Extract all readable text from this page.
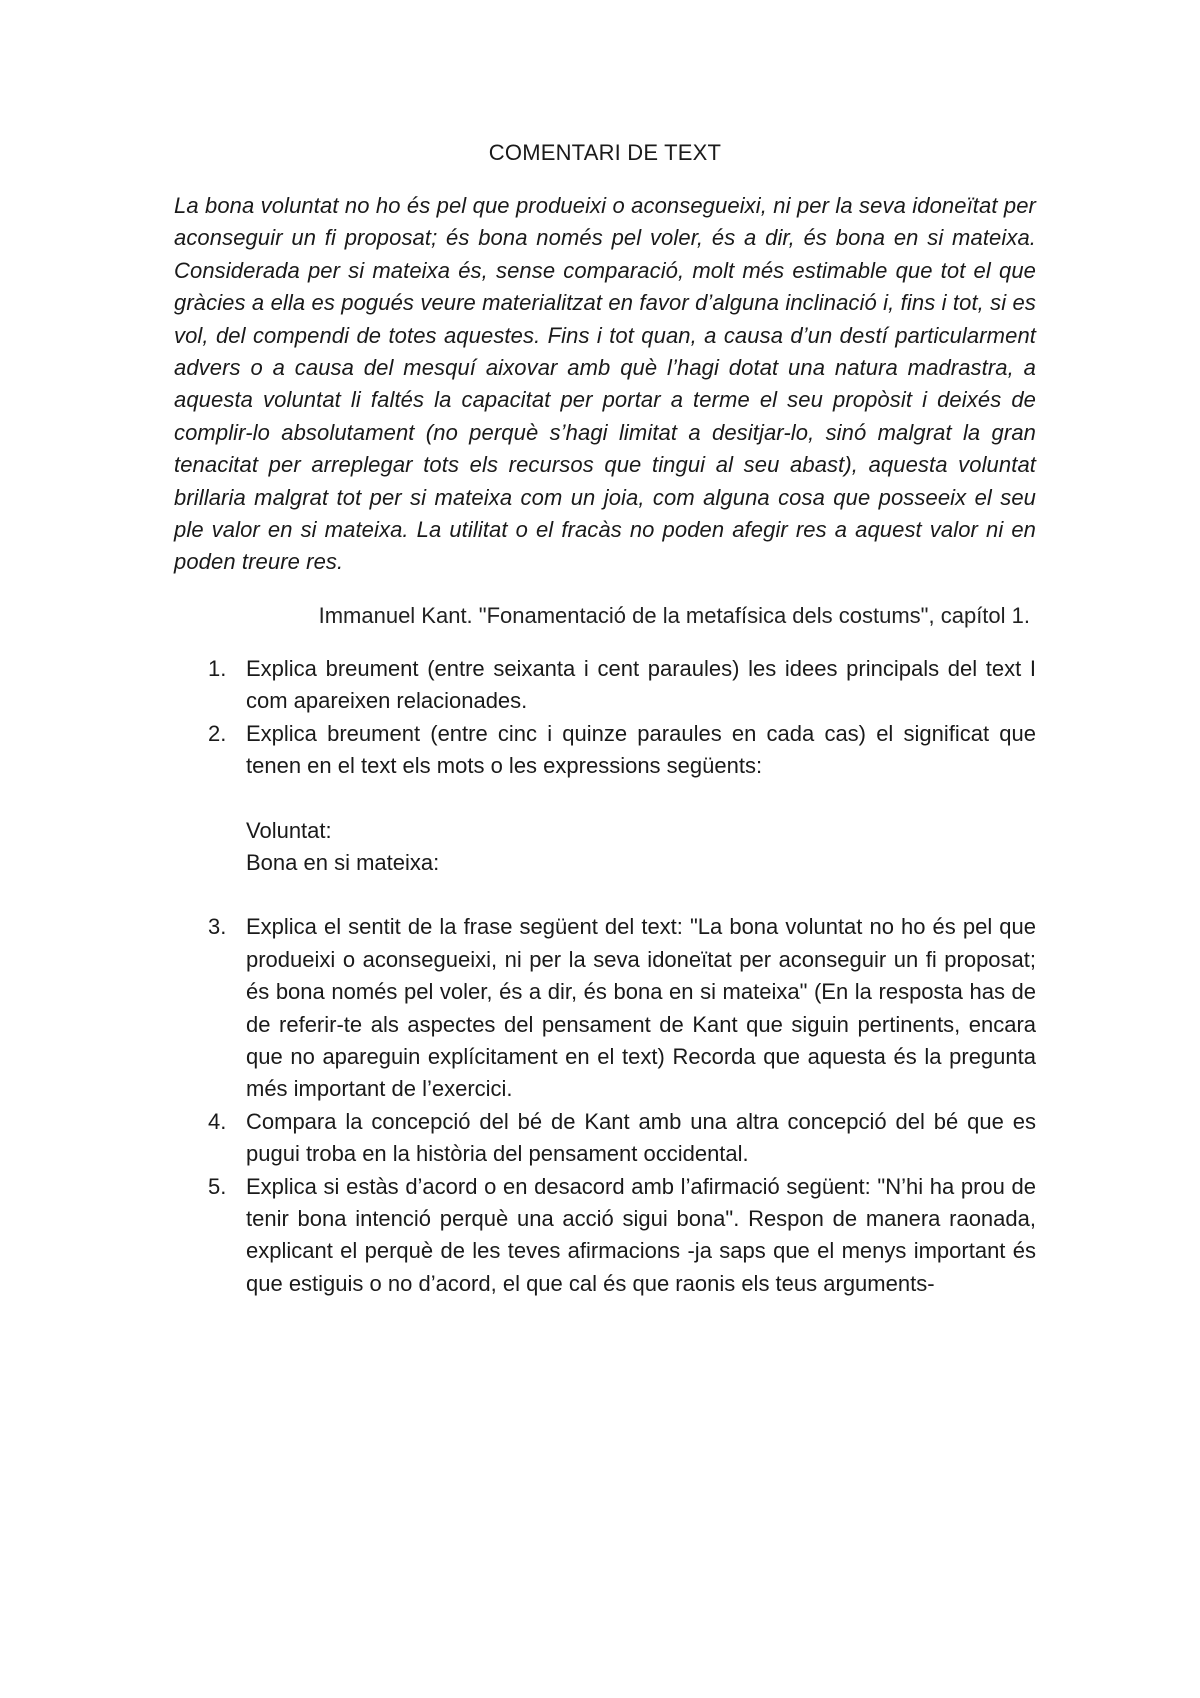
COMENTARI DE TEXT
La bona voluntat no ho és pel que produeixi o aconsegueixi, ni per la seva idoneïtat per aconseguir un fi proposat; és bona només pel voler, és a dir, és bona en si mateixa. Considerada per si mateixa és, sense comparació, molt més estimable que tot el que gràcies a ella es pogués veure materialitzat en favor d’alguna inclinació i, fins i tot, si es vol, del compendi de totes aquestes. Fins i tot quan, a causa d’un destí particularment advers o a causa del mesquí aixovar amb què l’hagi dotat una natura madrastra, a aquesta voluntat li faltés la capacitat per portar a terme el seu propòsit i deixés de complir-lo absolutament (no perquè s’hagi limitat a desitjar-lo, sinó malgrat la gran tenacitat per arreplegar tots els recursos que tingui al seu abast), aquesta voluntat brillaria malgrat tot per si mateixa com un joia, com alguna cosa que posseeix el seu ple valor en si mateixa. La utilitat o el fracàs no poden afegir res a aquest valor ni en poden treure res.
Immanuel Kant. "Fonamentació de la metafísica dels costums", capítol 1.
1. Explica breument (entre seixanta i cent paraules) les idees principals del text I com apareixen relacionades.
2. Explica breument (entre cinc i quinze paraules en cada cas) el significat que tenen en el text els mots o les expressions següents:
Voluntat:
Bona en si mateixa:
3. Explica el sentit de la frase següent del text: "La bona voluntat no ho és pel que produeixi o aconsegueixi, ni per la seva idoneïtat per aconseguir un fi proposat; és bona només pel voler, és a dir, és bona en si mateixa" (En la resposta has de de referir-te als aspectes del pensament de Kant que siguin pertinents, encara que no apareguin explícitament en el text) Recorda que aquesta és la pregunta més important de l’exercici.
4. Compara la concepció del bé de Kant amb una altra concepció del bé que es pugui troba en la història del pensament occidental.
5. Explica si estàs d’acord o en desacord amb l’afirmació següent: "N’hi ha prou de tenir bona intenció perquè una acció sigui bona". Respon de manera raonada, explicant el perquè de les teves afirmacions -ja saps que el menys important és que estiguis o no d’acord, el que cal és que raonis els teus arguments-
